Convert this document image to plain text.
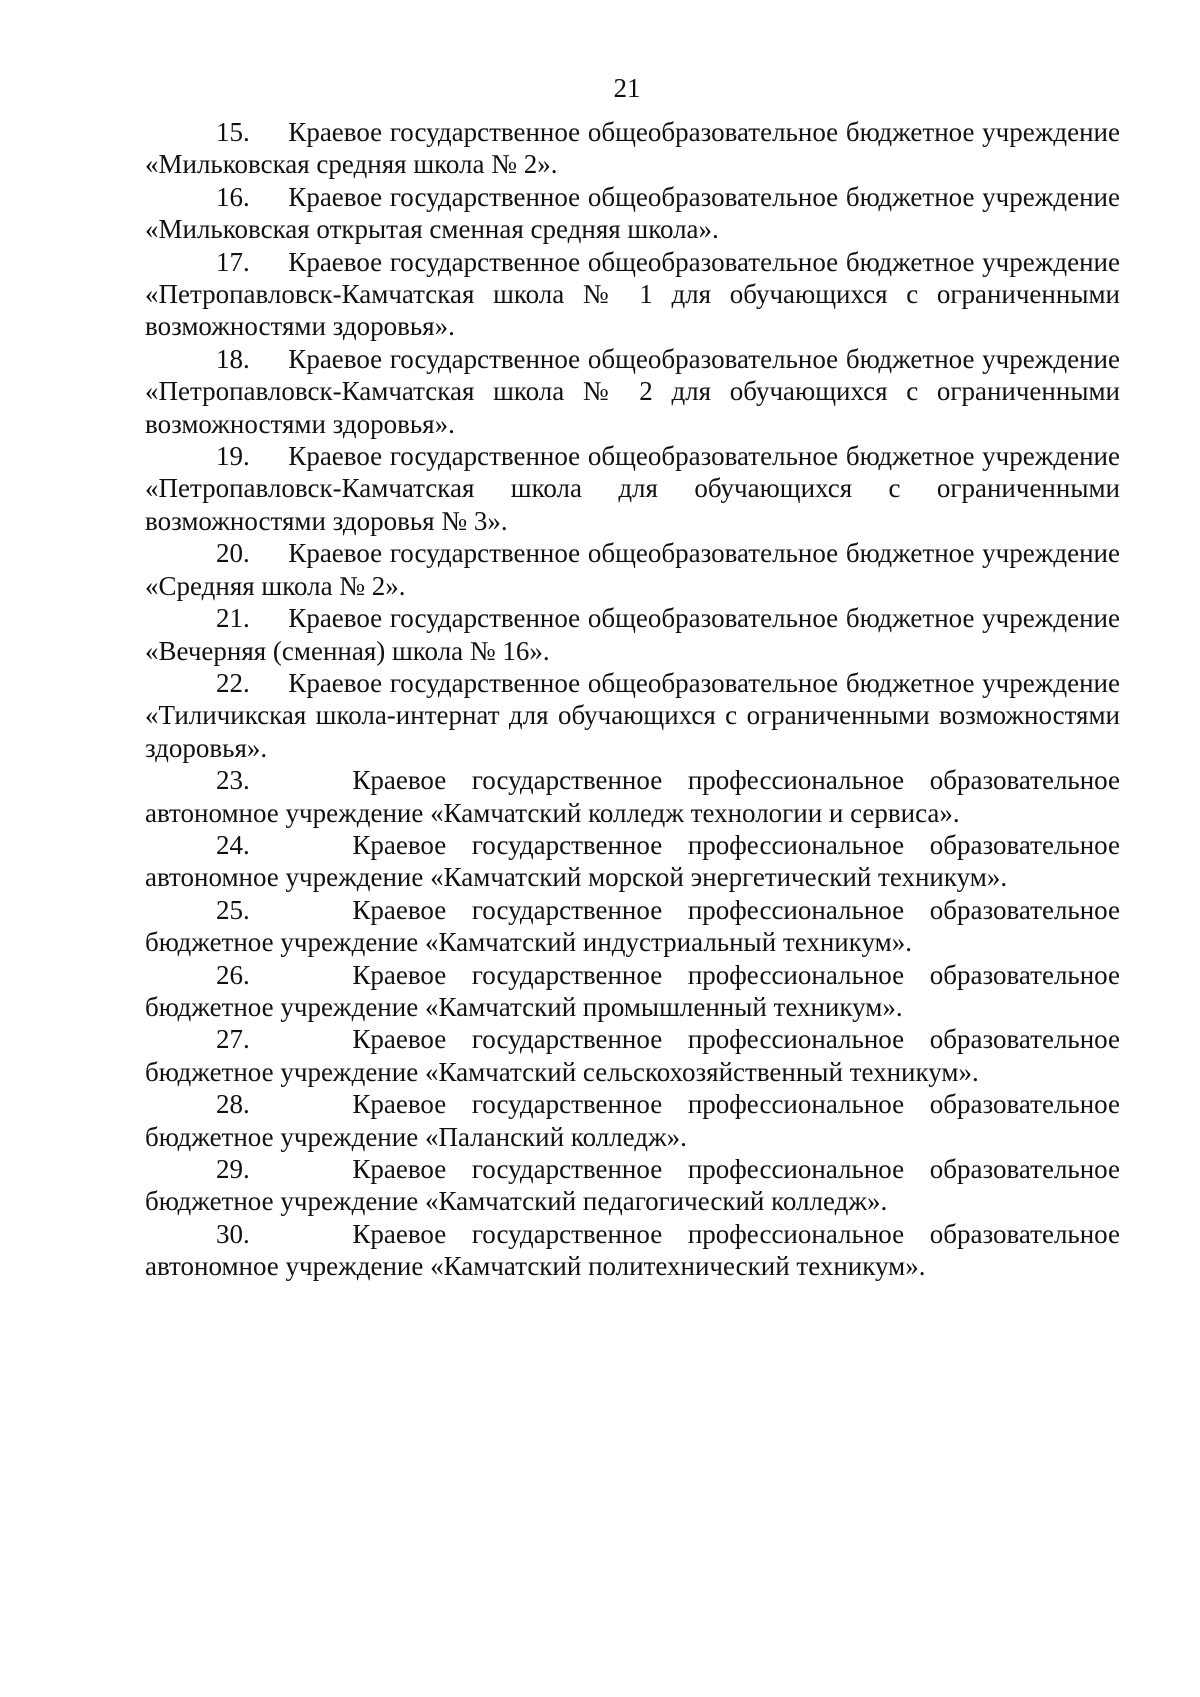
21

15.     Краевое государственное общеобразовательное бюджетное учреждение «Мильковская средняя школа № 2».
16.     Краевое государственное общеобразовательное бюджетное учреждение «Мильковская открытая сменная средняя школа».
17.     Краевое государственное общеобразовательное бюджетное учреждение «Петропавловск-Камчатская школа № 1 для обучающихся с ограниченными возможностями здоровья».
18.     Краевое государственное общеобразовательное бюджетное учреждение «Петропавловск-Камчатская школа № 2 для обучающихся с ограниченными возможностями здоровья».
19.     Краевое государственное общеобразовательное бюджетное учреждение «Петропавловск-Камчатская школа для обучающихся с ограниченными возможностями здоровья № 3».
20.     Краевое государственное общеобразовательное бюджетное учреждение «Средняя школа № 2».
21.     Краевое государственное общеобразовательное бюджетное учреждение «Вечерняя (сменная) школа № 16».
22.     Краевое государственное общеобразовательное бюджетное учреждение «Тиличикская школа-интернат для обучающихся с ограниченными возможностями здоровья».
23.    Краевое государственное профессиональное образовательное автономное учреждение «Камчатский колледж технологии и сервиса».
24.    Краевое государственное профессиональное образовательное автономное учреждение «Камчатский морской энергетический техникум».
25.    Краевое государственное профессиональное образовательное бюджетное учреждение «Камчатский индустриальный техникум».
26.    Краевое государственное профессиональное образовательное бюджетное учреждение «Камчатский промышленный техникум».
27.    Краевое государственное профессиональное образовательное бюджетное учреждение «Камчатский сельскохозяйственный техникум».
28.    Краевое государственное профессиональное образовательное бюджетное учреждение «Паланский колледж».
29.    Краевое государственное профессиональное образовательное бюджетное учреждение «Камчатский педагогический колледж».
30.    Краевое государственное профессиональное образовательное автономное учреждение «Камчатский политехнический техникум».
